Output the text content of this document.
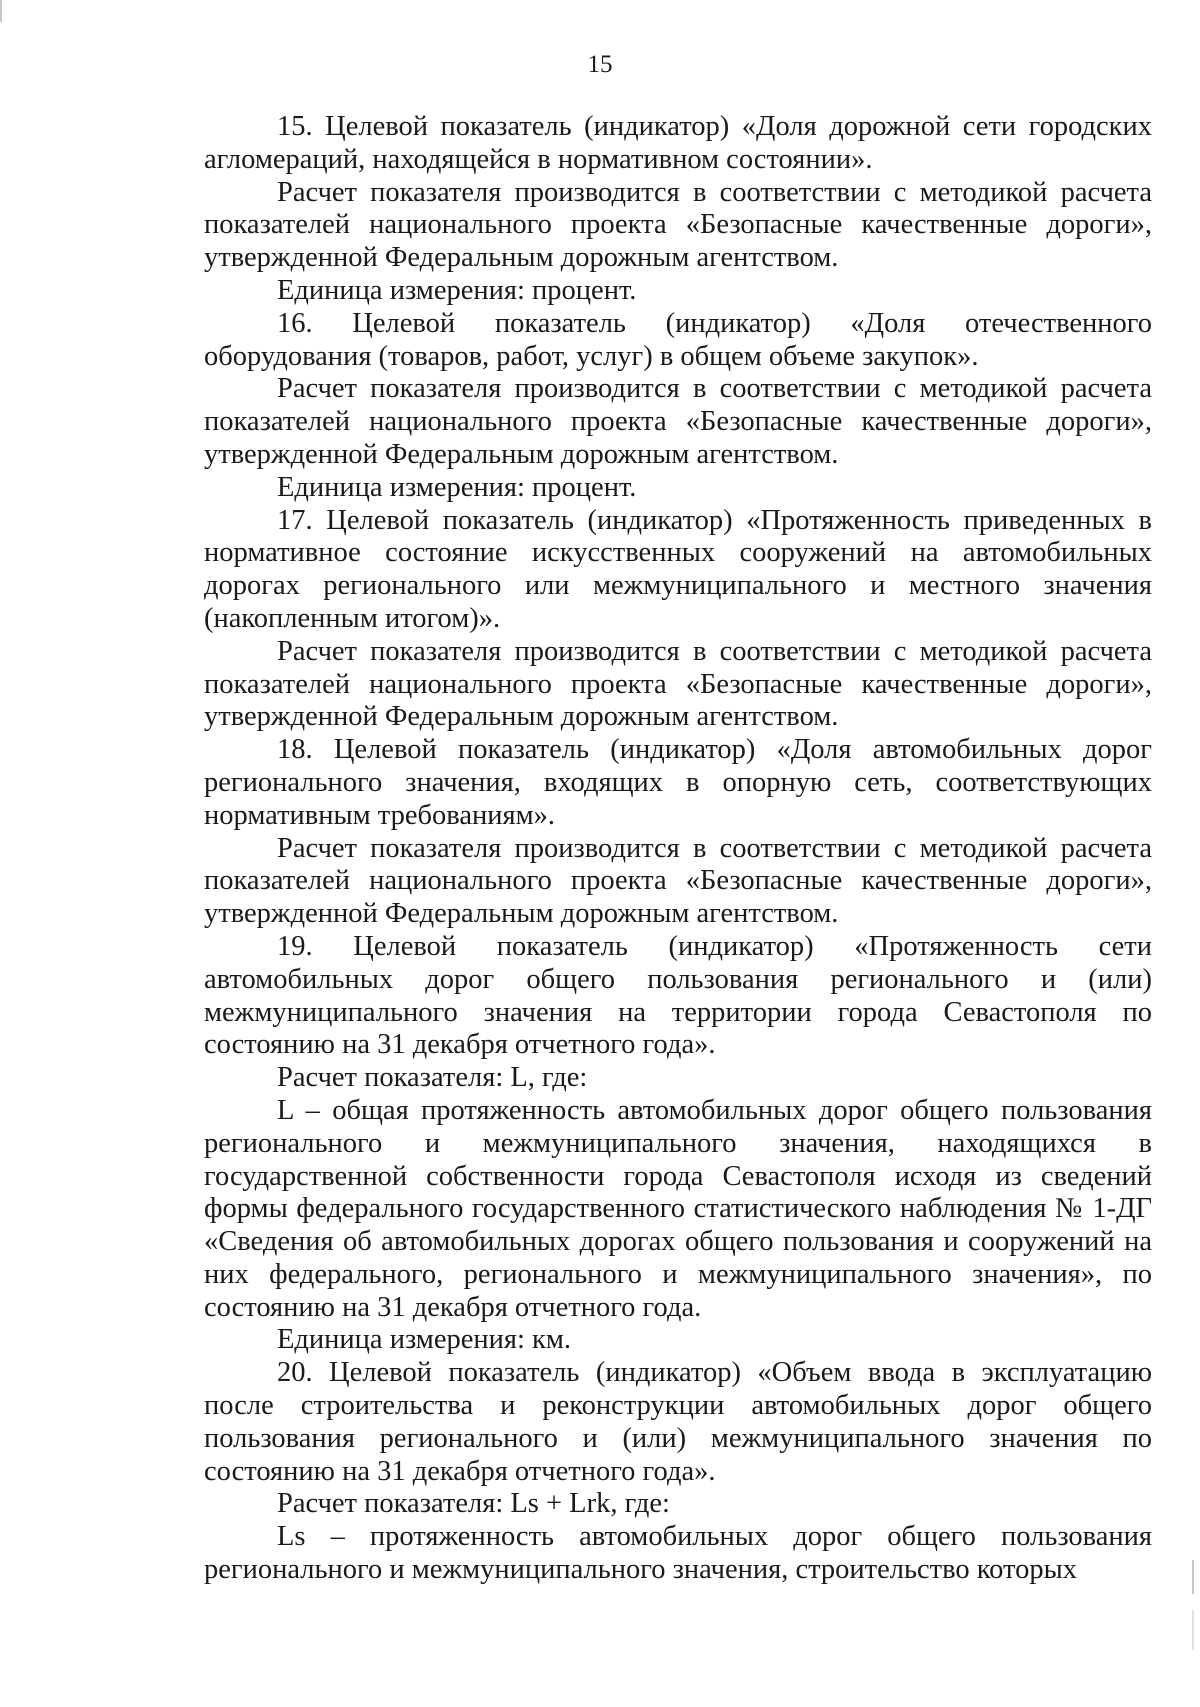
15

15. Целевой показатель (индикатор) «Доля дорожной сети городских агломераций, находящейся в нормативном состоянии».

Расчет показателя производится в соответствии с методикой расчета показателей национального проекта «Безопасные качественные дороги», утвержденной Федеральным дорожным агентством.

Единица измерения: процент.

16. Целевой показатель (индикатор) «Доля отечественного оборудования (товаров, работ, услуг) в общем объеме закупок».

Расчет показателя производится в соответствии с методикой расчета показателей национального проекта «Безопасные качественные дороги», утвержденной Федеральным дорожным агентством.

Единица измерения: процент.

17. Целевой показатель (индикатор) «Протяженность приведенных в нормативное состояние искусственных сооружений на автомобильных дорогах регионального или межмуниципального и местного значения (накопленным итогом)».

Расчет показателя производится в соответствии с методикой расчета показателей национального проекта «Безопасные качественные дороги», утвержденной Федеральным дорожным агентством.

18. Целевой показатель (индикатор) «Доля автомобильных дорог регионального значения, входящих в опорную сеть, соответствующих нормативным требованиям».

Расчет показателя производится в соответствии с методикой расчета показателей национального проекта «Безопасные качественные дороги», утвержденной Федеральным дорожным агентством.

19. Целевой показатель (индикатор) «Протяженность сети автомобильных дорог общего пользования регионального и (или) межмуниципального значения на территории города Севастополя по состоянию на 31 декабря отчетного года».

Расчет показателя: L, где:

L – общая протяженность автомобильных дорог общего пользования регионального и межмуниципального значения, находящихся в государственной собственности города Севастополя исходя из сведений формы федерального государственного статистического наблюдения № 1-ДГ «Сведения об автомобильных дорогах общего пользования и сооружений на них федерального, регионального и межмуниципального значения», по состоянию на 31 декабря отчетного года.

Единица измерения: км.

20. Целевой показатель (индикатор) «Объем ввода в эксплуатацию после строительства и реконструкции автомобильных дорог общего пользования регионального и (или) межмуниципального значения по состоянию на 31 декабря отчетного года».

Расчет показателя: Ls + Lrk, где:

Ls – протяженность автомобильных дорог общего пользования регионального и межмуниципального значения, строительство которых
